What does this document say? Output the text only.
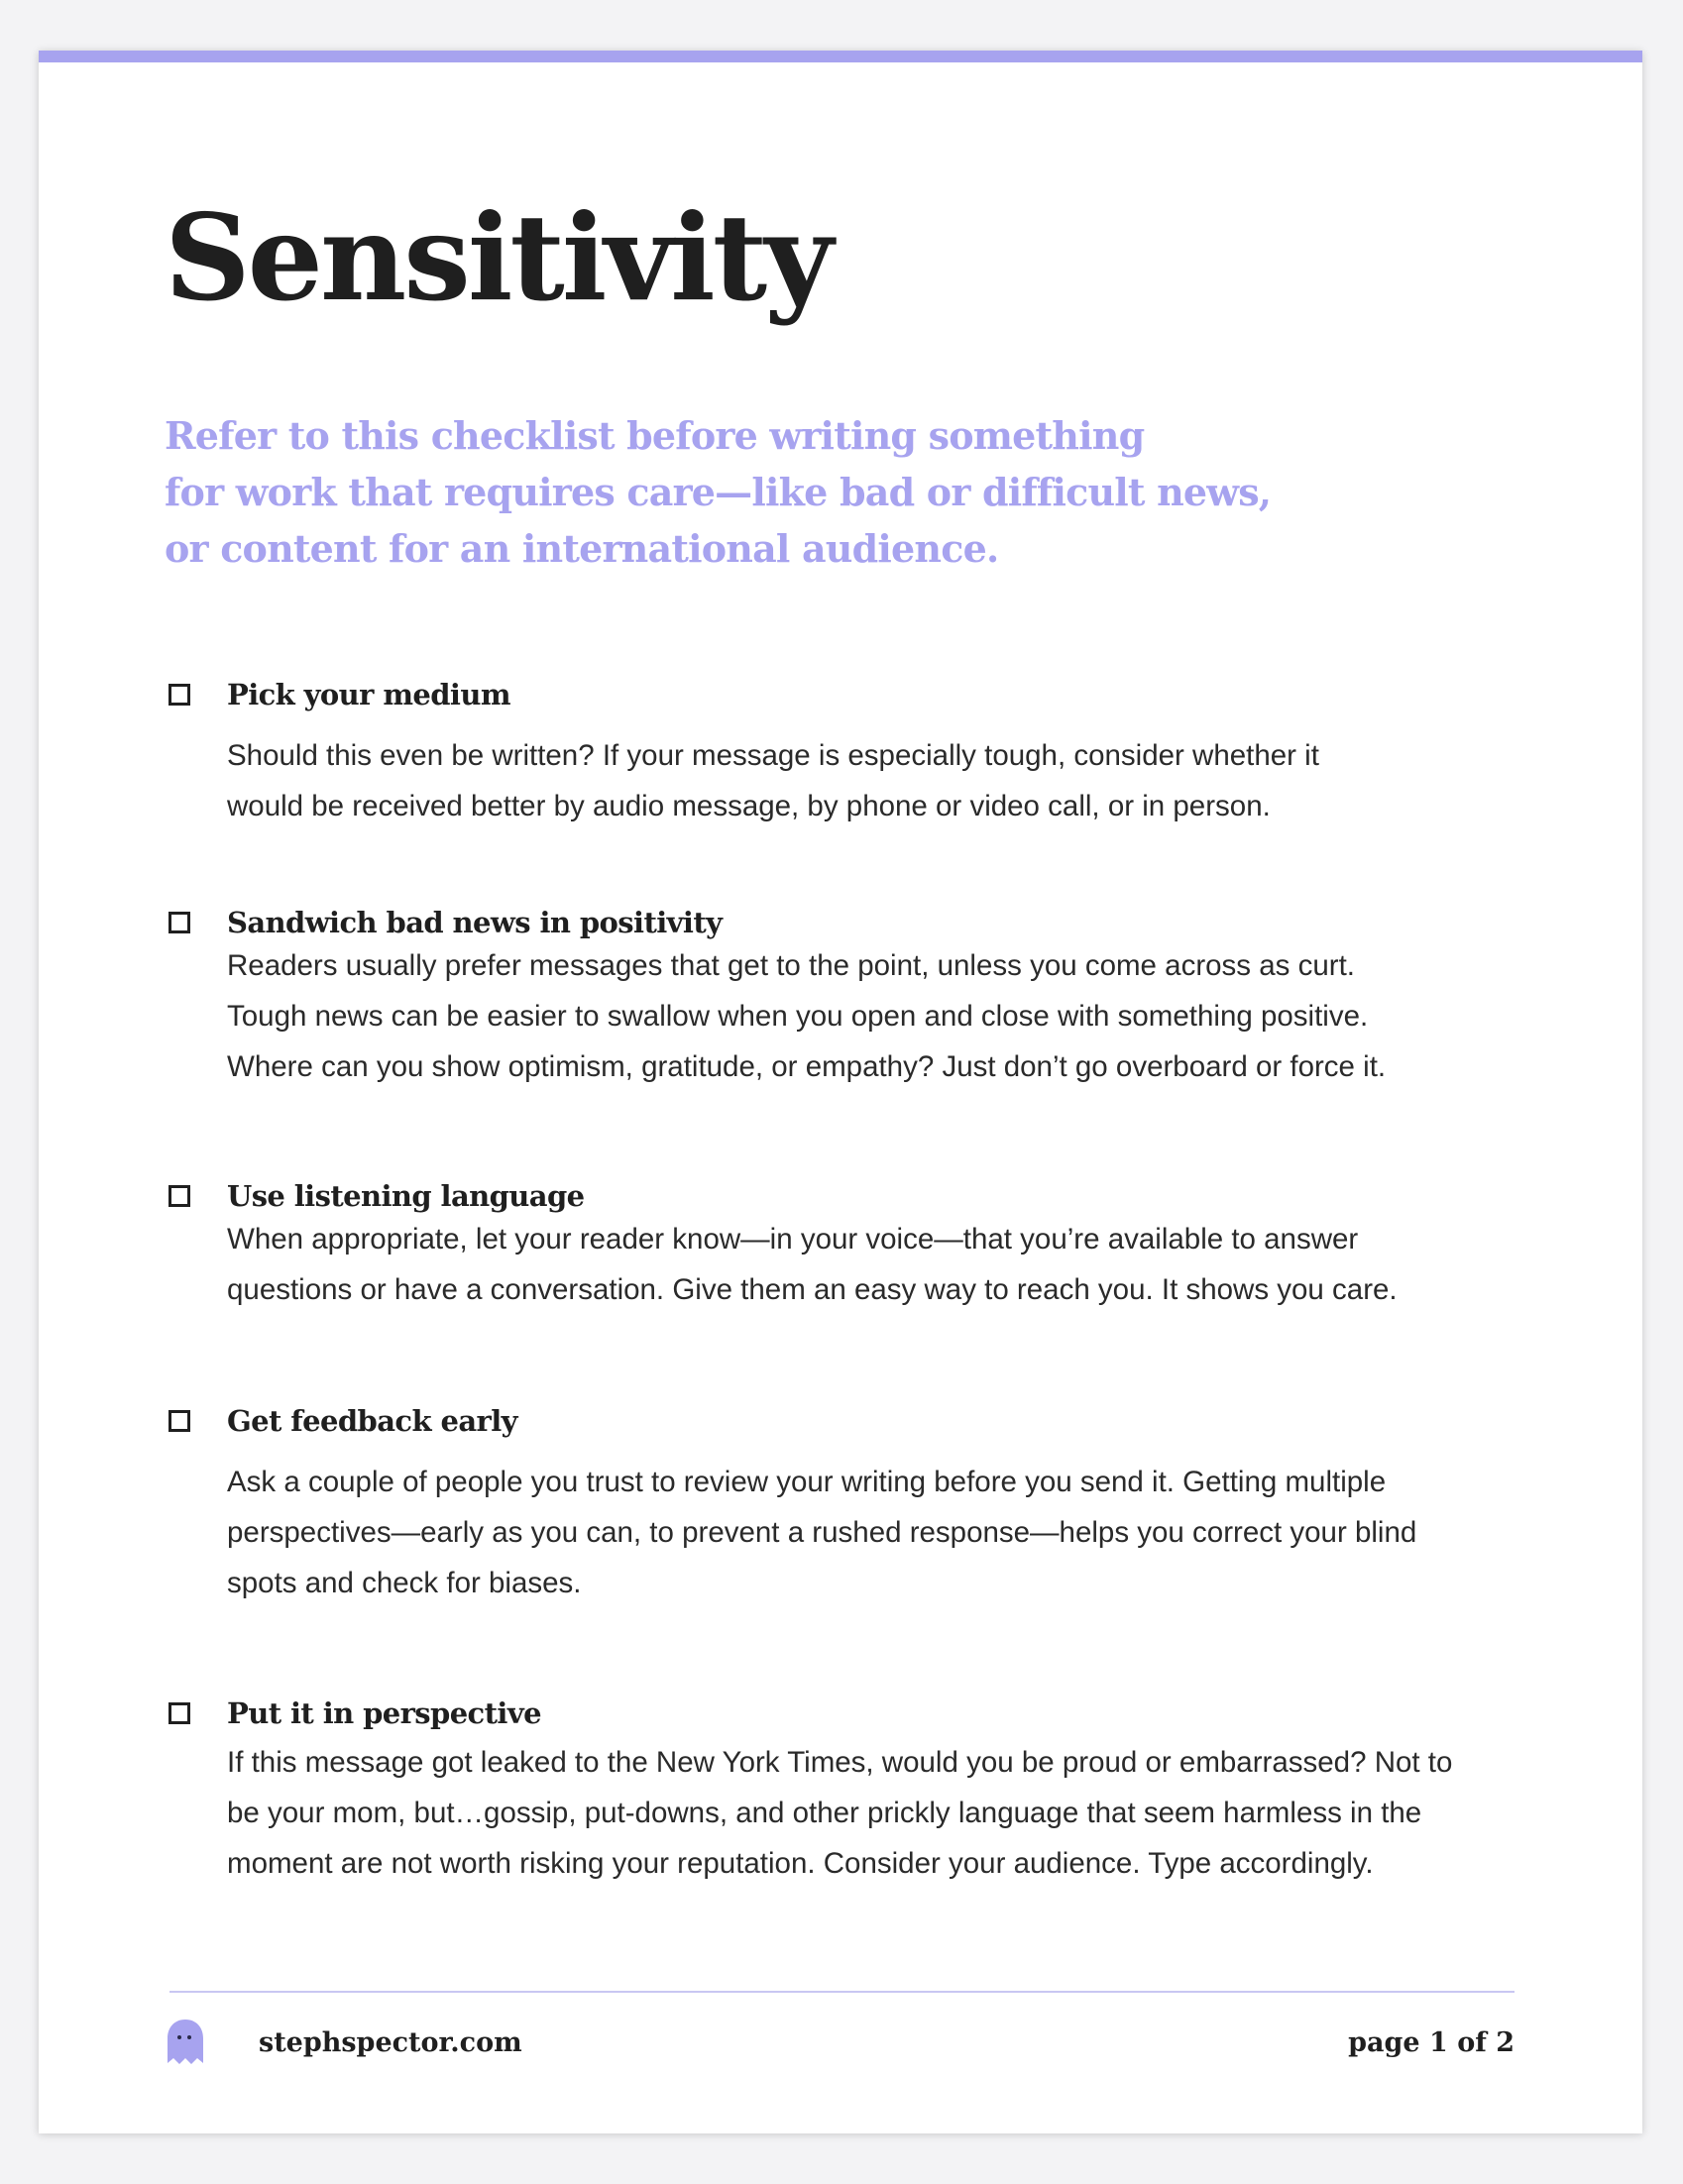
Sensitivity

Refer to this checklist before writing something
for work that requires care—like bad or difficult news,
or content for an international audience.

Pick your medium

Should this even be written? If your message is especially tough, consider whether it
would be received better by audio message, by phone or video call, or in person.

Sandwich bad news in positivity

Readers usually prefer messages that get to the point, unless you come across as curt.
Tough news can be easier to swallow when you open and close with something positive.
Where can you show optimism, gratitude, or empathy? Just don’t go overboard or force it.

Use listening language

When appropriate, let your reader know—in your voice—that you’re available to answer
questions or have a conversation. Give them an easy way to reach you. It shows you care.

Get feedback early

Ask a couple of people you trust to review your writing before you send it. Getting multiple
perspectives—early as you can, to prevent a rushed response—helps you correct your blind
spots and check for biases.

Put it in perspective

If this message got leaked to the New York Times, would you be proud or embarrassed? Not to
be your mom, but…gossip, put-downs, and other prickly language that seem harmless in the
moment are not worth risking your reputation. Consider your audience. Type accordingly.

stephspector.com	page 1 of 2
